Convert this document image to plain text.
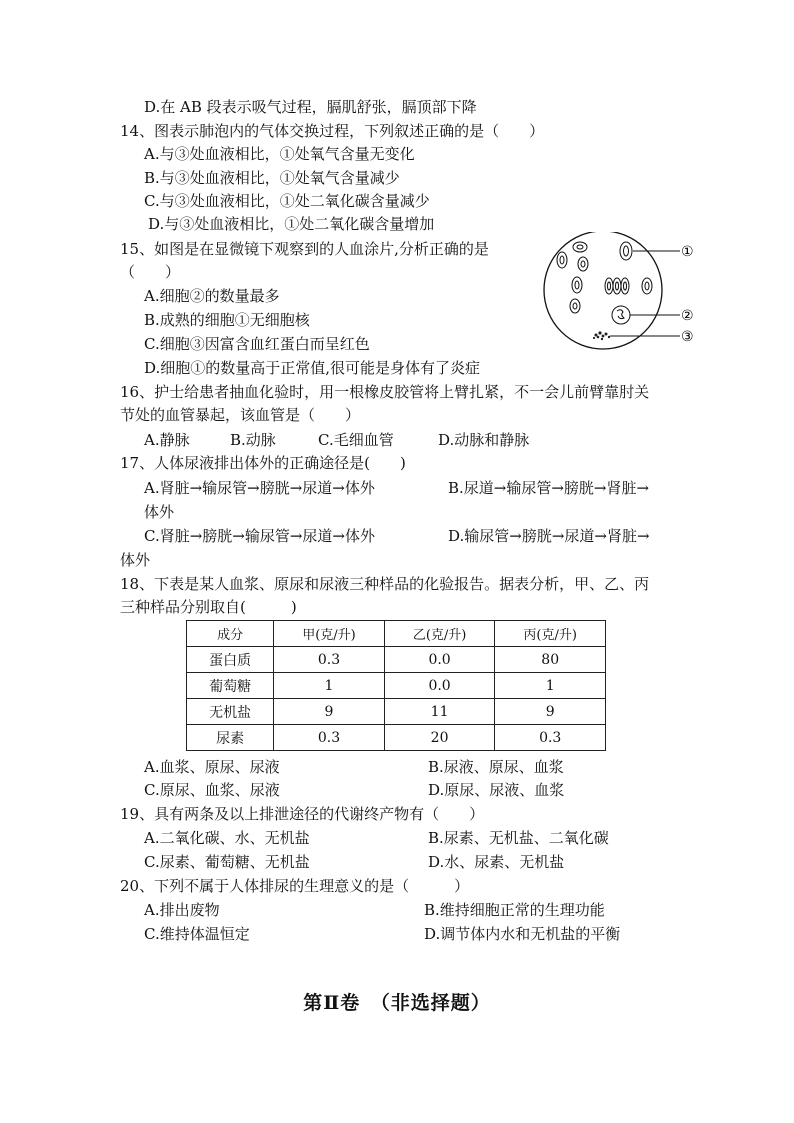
D.在 AB 段表示吸气过程，膈肌舒张，膈顶部下降
14、图表示肺泡内的气体交换过程，下列叙述正确的是（　　）
A.与③处血液相比，①处氧气含量无变化
B.与③处血液相比，①处氧气含量减少
C.与③处血液相比，①处二氧化碳含量减少
D.与③处血液相比，①处二氧化碳含量增加
15、如图是在显微镜下观察到的人血涂片,分析正确的是
（　　）
A.细胞②的数量最多
B.成熟的细胞①无细胞核
C.细胞③因富含血红蛋白而呈红色
D.细胞①的数量高于正常值,很可能是身体有了炎症
①
②
③
16、护士给患者抽血化验时，用一根橡皮胶管将上臂扎紧，不一会儿前臂靠肘关
节处的血管暴起，该血管是（　　）
A.静脉	B.动脉	C.毛细血管	D.动脉和静脉
17、人体尿液排出体外的正确途径是(　　)
A.肾脏→输尿管→膀胱→尿道→体外	B.尿道→输尿管→膀胱→肾脏→
体外
C.肾脏→膀胱→输尿管→尿道→体外	D.输尿管→膀胱→尿道→肾脏→
体外
18、下表是某人血浆、原尿和尿液三种样品的化验报告。据表分析，甲、乙、丙
三种样品分别取自(　　　)
成分	甲(克/升)	乙(克/升)	丙(克/升)
蛋白质	0.3	0.0	80
葡萄糖	1	0.0	1
无机盐	9	11	9
尿素	0.3	20	0.3
A.血浆、原尿、尿液	B.尿液、原尿、血浆
C.原尿、血浆、尿液	D.原尿、尿液、血浆
19、具有两条及以上排泄途径的代谢终产物有（　　）
A.二氧化碳、水、无机盐	B.尿素、无机盐、二氧化碳
C.尿素、葡萄糖、无机盐	D.水、尿素、无机盐
20、下列不属于人体排尿的生理意义的是（　　　）
A.排出废物	B.维持细胞正常的生理功能
C.维持体温恒定	D.调节体内水和无机盐的平衡
第Ⅱ卷　（非选择题）
